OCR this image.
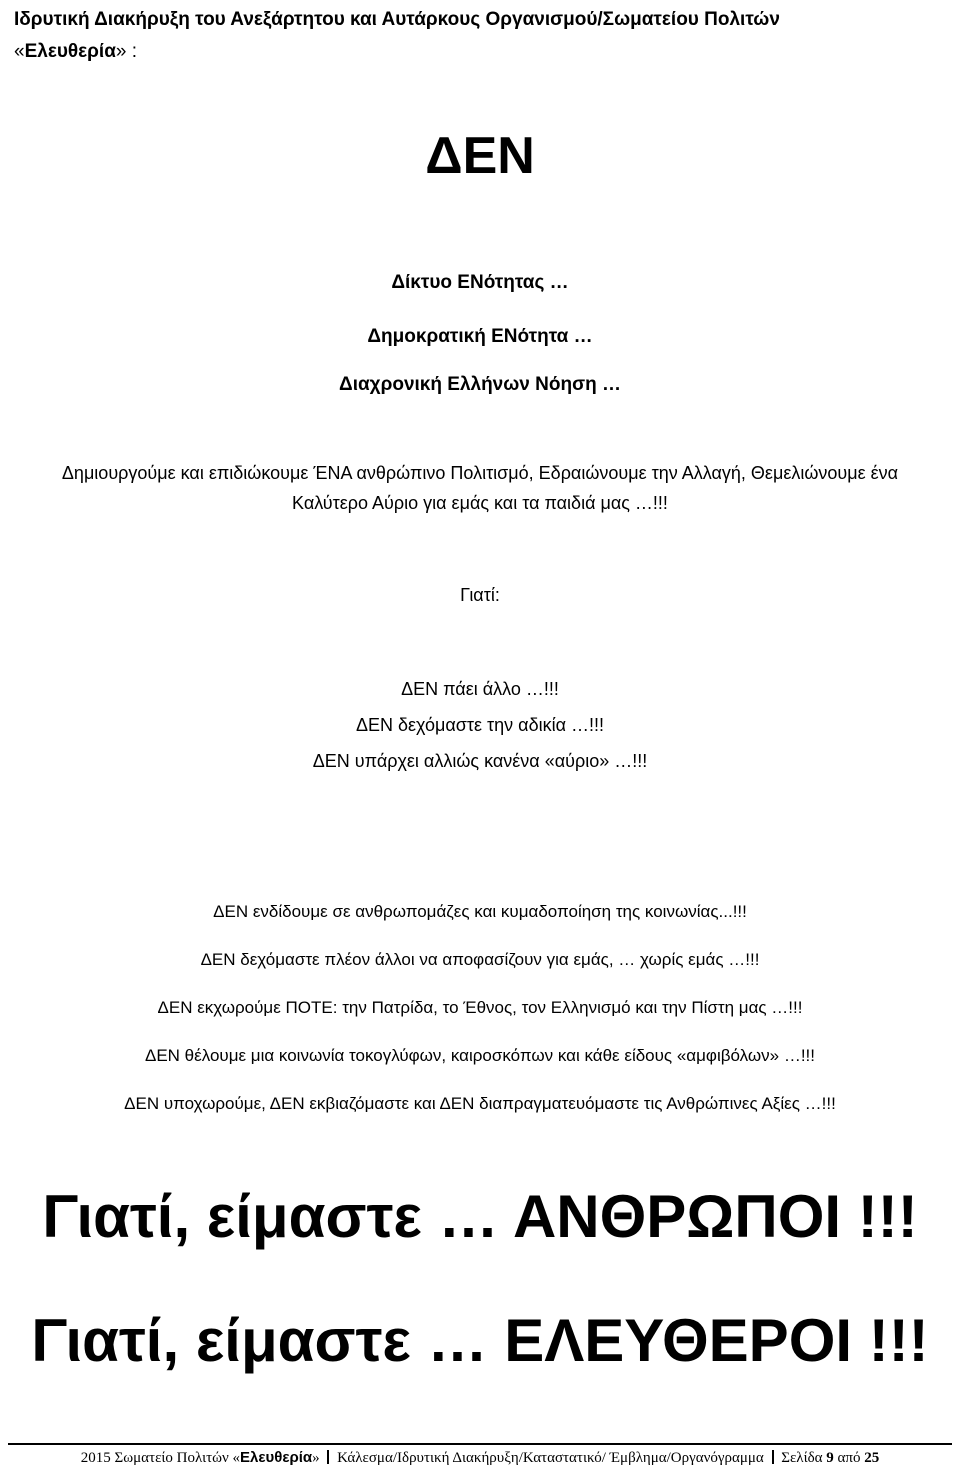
Ιδρυτική Διακήρυξη του Ανεξάρτητου και Αυτάρκους Οργανισμού/Σωματείου Πολιτών
«Ελευθερία» :
ΔΕΝ
Δίκτυο ΕΝότητας …
Δημοκρατική ΕΝότητα …
Διαχρονική Ελλήνων Νόηση …
Δημιουργούμε και επιδιώκουμε ΈΝΑ ανθρώπινο Πολιτισμό, Εδραιώνουμε την Αλλαγή, Θεμελιώνουμε ένα
Καλύτερο Αύριο για εμάς και τα παιδιά μας …!!!
Γιατί:
ΔΕΝ πάει άλλο …!!!
ΔΕΝ δεχόμαστε την αδικία …!!!
ΔΕΝ υπάρχει αλλιώς κανένα «αύριο» …!!!
ΔΕΝ ενδίδουμε σε ανθρωπομάζες και κυμαδοποίηση της κοινωνίας...!!!
ΔΕΝ δεχόμαστε πλέον άλλοι να αποφασίζουν για εμάς, … χωρίς εμάς …!!!
ΔΕΝ εκχωρούμε ΠΟΤΕ: την Πατρίδα, το Έθνος, τον Ελληνισμό και την Πίστη μας …!!!
ΔΕΝ θέλουμε μια κοινωνία τοκογλύφων, καιροσκόπων και κάθε είδους «αμφιβόλων» …!!!
ΔΕΝ υποχωρούμε, ΔΕΝ εκβιαζόμαστε και ΔΕΝ διαπραγματευόμαστε τις Ανθρώπινες Αξίες …!!!
Γιατί, είμαστε … ΑΝΘΡΩΠΟΙ !!!
Γιατί, είμαστε … ΕΛΕΥΘΕΡΟΙ !!!
2015 Σωματείο Πολιτών «Ελευθερία» Κάλεσμα/Ιδρυτική Διακήρυξη/Καταστατικό/ Έμβλημα/Οργανόγραμμα Σελίδα 9 από 25
